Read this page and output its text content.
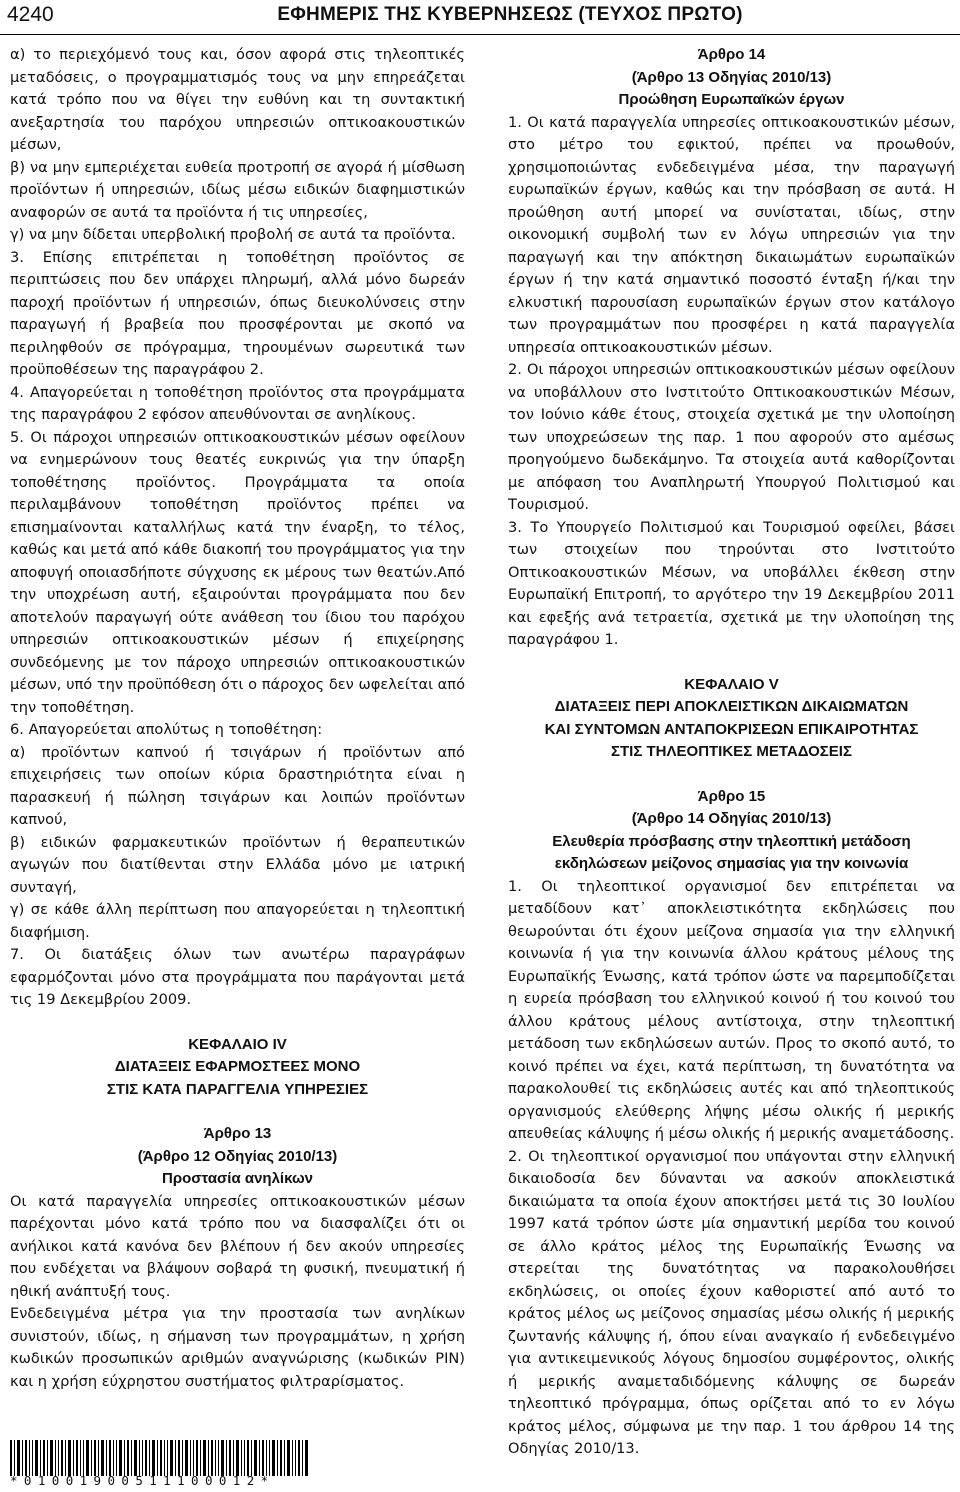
4240	ΕΦΗΜΕΡΙΣ ΤΗΣ ΚΥΒΕΡΝΗΣΕΩΣ (ΤΕΥΧΟΣ ΠΡΩΤΟ)

α) το περιεχόμενό τους και, όσον αφορά στις τηλεοπτικές μεταδόσεις, ο προγραμματισμός τους να μην επηρεάζεται κατά τρόπο που να θίγει την ευθύνη και τη συντακτική ανεξαρτησία του παρόχου υπηρεσιών οπτικοακουστικών μέσων,

β) να μην εμπεριέχεται ευθεία προτροπή σε αγορά ή μίσθωση προϊόντων ή υπηρεσιών, ιδίως μέσω ειδικών διαφημιστικών αναφορών σε αυτά τα προϊόντα ή τις υπηρεσίες,

γ) να μην δίδεται υπερβολική προβολή σε αυτά τα προϊόντα.

3. Επίσης επιτρέπεται η τοποθέτηση προϊόντος σε περιπτώσεις που δεν υπάρχει πληρωμή, αλλά μόνο δωρεάν παροχή προϊόντων ή υπηρεσιών, όπως διευκολύνσεις στην παραγωγή ή βραβεία που προσφέρονται με σκοπό να περιληφθούν σε πρόγραμμα, τηρουμένων σωρευτικά των προϋποθέσεων της παραγράφου 2.

4. Απαγορεύεται η τοποθέτηση προϊόντος στα προγράμματα της παραγράφου 2 εφόσον απευθύνονται σε ανηλίκους.

5. Οι πάροχοι υπηρεσιών οπτικοακουστικών μέσων οφείλουν να ενημερώνουν τους θεατές ευκρινώς για την ύπαρξη τοποθέτησης προϊόντος. Προγράμματα τα οποία περιλαμβάνουν τοποθέτηση προϊόντος πρέπει να επισημαίνονται καταλλήλως κατά την έναρξη, το τέλος, καθώς και μετά από κάθε διακοπή του προγράμματος για την αποφυγή οποιασδήποτε σύγχυσης εκ μέρους των θεατών.Από την υποχρέωση αυτή, εξαιρούνται προγράμματα που δεν αποτελούν παραγωγή ούτε ανάθεση του ίδιου του παρόχου υπηρεσιών οπτικοακουστικών μέσων ή επιχείρησης συνδεόμενης με τον πάροχο υπηρεσιών οπτικοακουστικών μέσων, υπό την προϋπόθεση ότι ο πάροχος δεν ωφελείται από την τοποθέτηση.

6. Απαγορεύεται απολύτως η τοποθέτηση:

α) προϊόντων καπνού ή τσιγάρων ή προϊόντων από επιχειρήσεις των οποίων κύρια δραστηριότητα είναι η παρασκευή ή πώληση τσιγάρων και λοιπών προϊόντων καπνού,

β) ειδικών φαρμακευτικών προϊόντων ή θεραπευτικών αγωγών που διατίθενται στην Ελλάδα μόνο με ιατρική συνταγή,

γ) σε κάθε άλλη περίπτωση που απαγορεύεται η τηλεοπτική διαφήμιση.

7. Οι διατάξεις όλων των ανωτέρω παραγράφων εφαρμόζονται μόνο στα προγράμματα που παράγονται μετά τις 19 Δεκεμβρίου 2009.

ΚΕΦΑΛΑΙΟ IV

ΔΙΑΤΑΞΕΙΣ ΕΦΑΡΜΟΣΤΕΕΣ ΜΟΝΟ

ΣΤΙΣ ΚΑΤΑ ΠΑΡΑΓΓΕΛΙΑ ΥΠΗΡΕΣΙΕΣ

Άρθρο 13

(Άρθρο 12 Οδηγίας 2010/13)

Προστασία ανηλίκων

Οι κατά παραγγελία υπηρεσίες οπτικοακουστικών μέσων παρέχονται μόνο κατά τρόπο που να διασφαλίζει ότι οι ανήλικοι κατά κανόνα δεν βλέπουν ή δεν ακούν υπηρεσίες που ενδέχεται να βλάψουν σοβαρά τη φυσική, πνευματική ή ηθική ανάπτυξή τους.

Ενδεδειγμένα μέτρα για την προστασία των ανηλίκων συνιστούν, ιδίως, η σήμανση των προγραμμάτων, η χρήση κωδικών προσωπικών αριθμών αναγνώρισης (κωδικών PIN) και η χρήση εύχρηστου συστήματος φιλτραρίσματος.

Άρθρο 14

(Άρθρο 13 Οδηγίας 2010/13)

Προώθηση Ευρωπαϊκών έργων

1. Οι κατά παραγγελία υπηρεσίες οπτικοακουστικών μέσων, στο μέτρο του εφικτού, πρέπει να προωθούν, χρησιμοποιώντας ενδεδειγμένα μέσα, την παραγωγή ευρωπαϊκών έργων, καθώς και την πρόσβαση σε αυτά. Η προώθηση αυτή μπορεί να συνίσταται, ιδίως, στην οικονομική συμβολή των εν λόγω υπηρεσιών για την παραγωγή και την απόκτηση δικαιωμάτων ευρωπαϊκών έργων ή την κατά σημαντικό ποσοστό ένταξη ή/και την ελκυστική παρουσίαση ευρωπαϊκών έργων στον κατάλογο των προγραμμάτων που προσφέρει η κατά παραγγελία υπηρεσία οπτικοακουστικών μέσων.

2. Οι πάροχοι υπηρεσιών οπτικοακουστικών μέσων οφείλουν να υποβάλλουν στο Ινστιτούτο Οπτικοακουστικών Μέσων, τον Ιούνιο κάθε έτους, στοιχεία σχετικά με την υλοποίηση των υποχρεώσεων της παρ. 1 που αφορούν στο αμέσως προηγούμενο δωδεκάμηνο. Τα στοιχεία αυτά καθορίζονται με απόφαση του Αναπληρωτή Υπουργού Πολιτισμού και Τουρισμού.

3. Το Υπουργείο Πολιτισμού και Τουρισμού οφείλει, βάσει των στοιχείων που τηρούνται στο Ινστιτούτο Οπτικοακουστικών Μέσων, να υποβάλλει έκθεση στην Ευρωπαϊκή Επιτροπή, το αργότερο την 19 Δεκεμβρίου 2011 και εφεξής ανά τετραετία, σχετικά με την υλοποίηση της παραγράφου 1.

ΚΕΦΑΛΑΙΟ V

ΔΙΑΤΑΞΕΙΣ ΠΕΡΙ ΑΠΟΚΛΕΙΣΤΙΚΩΝ ΔΙΚΑΙΩΜΑΤΩΝ

ΚΑΙ ΣΥΝΤΟΜΩΝ ΑΝΤΑΠΟΚΡΙΣΕΩΝ ΕΠΙΚΑΙΡΟΤΗΤΑΣ

ΣΤΙΣ ΤΗΛΕΟΠΤΙΚΕΣ ΜΕΤΑΔΟΣΕΙΣ

Άρθρο 15

(Άρθρο 14 Οδηγίας 2010/13)

Ελευθερία πρόσβασης στην τηλεοπτική μετάδοση

εκδηλώσεων μείζονος σημασίας για την κοινωνία

1. Οι τηλεοπτικοί οργανισμοί δεν επιτρέπεται να μεταδίδουν κατ᾽ αποκλειστικότητα εκδηλώσεις που θεωρούνται ότι έχουν μείζονα σημασία για την ελληνική κοινωνία ή για την κοινωνία άλλου κράτους μέλους της Ευρωπαϊκής Ένωσης, κατά τρόπον ώστε να παρεμποδίζεται η ευρεία πρόσβαση του ελληνικού κοινού ή του κοινού του άλλου κράτους μέλους αντίστοιχα, στην τηλεοπτική μετάδοση των εκδηλώσεων αυτών. Προς το σκοπό αυτό, το κοινό πρέπει να έχει, κατά περίπτωση, τη δυνατότητα να παρακολουθεί τις εκδηλώσεις αυτές και από τηλεοπτικούς οργανισμούς ελεύθερης λήψης μέσω ολικής ή μερικής απευθείας κάλυψης ή μέσω ολικής ή μερικής αναμετάδοσης.

2. Οι τηλεοπτικοί οργανισμοί που υπάγονται στην ελληνική δικαιοδοσία δεν δύνανται να ασκούν αποκλειστικά δικαιώματα τα οποία έχουν αποκτήσει μετά τις 30 Ιουλίου 1997 κατά τρόπον ώστε μία σημαντική μερίδα του κοινού σε άλλο κράτος μέλος της Ευρωπαϊκής Ένωσης να στερείται της δυνατότητας να παρακολουθήσει εκδηλώσεις, οι οποίες έχουν καθοριστεί από αυτό το κράτος μέλος ως μείζονος σημασίας μέσω ολικής ή μερικής ζωντανής κάλυψης ή, όπου είναι αναγκαίο ή ενδεδειγμένο για αντικειμενικούς λόγους δημοσίου συμφέροντος, ολικής ή μερικής αναμεταδιδόμενης κάλυψης σε δωρεάν τηλεοπτικό πρόγραμμα, όπως ορίζεται από το εν λόγω κράτος μέλος, σύμφωνα με την παρ. 1 του άρθρου 14 της Οδηγίας 2010/13.

*01001900511100012*
